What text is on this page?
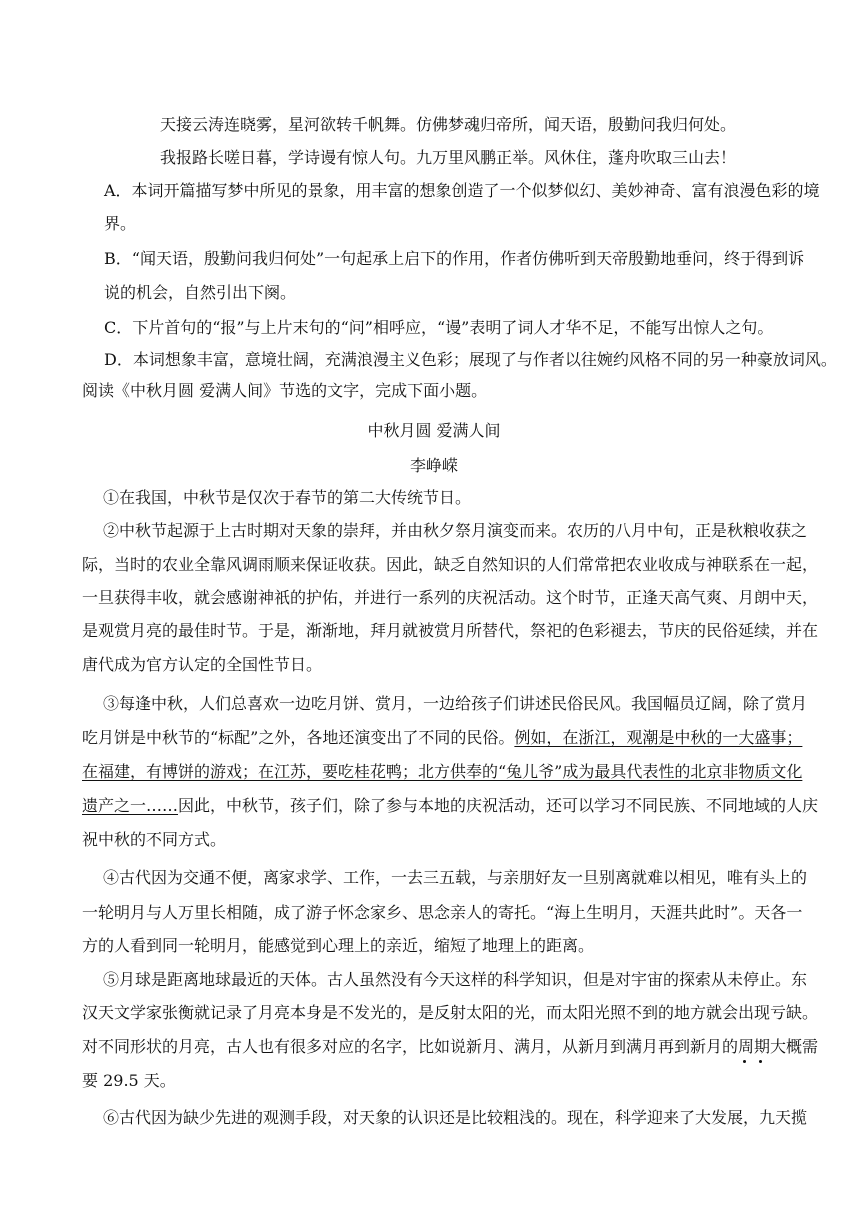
天接云涛连晓雾，星河欲转千帆舞。仿佛梦魂归帝所，闻天语，殷勤问我归何处。
我报路长嗟日暮，学诗谩有惊人句。九万里风鹏正举。风休住，蓬舟吹取三山去！
A．本词开篇描写梦中所见的景象，用丰富的想象创造了一个似梦似幻、美妙神奇、富有浪漫色彩的境
界。
B．“闻天语，殷勤问我归何处”一句起承上启下的作用，作者仿佛听到天帝殷勤地垂问，终于得到诉
说的机会，自然引出下阕。
C．下片首句的“报”与上片末句的“问”相呼应，“谩”表明了词人才华不足，不能写出惊人之句。
D．本词想象丰富，意境壮阔，充满浪漫主义色彩；展现了与作者以往婉约风格不同的另一种豪放词风。
阅读《中秋月圆 爱满人间》节选的文字，完成下面小题。
中秋月圆 爱满人间
李峥嵘
①在我国，中秋节是仅次于春节的第二大传统节日。
②中秋节起源于上古时期对天象的崇拜，并由秋夕祭月演变而来。农历的八月中旬，正是秋粮收获之
际，当时的农业全靠风调雨顺来保证收获。因此，缺乏自然知识的人们常常把农业收成与神联系在一起，
一旦获得丰收，就会感谢神祇的护佑，并进行一系列的庆祝活动。这个时节，正逢天高气爽、月朗中天，
是观赏月亮的最佳时节。于是，渐渐地，拜月就被赏月所替代，祭祀的色彩褪去，节庆的民俗延续，并在
唐代成为官方认定的全国性节日。
③每逢中秋，人们总喜欢一边吃月饼、赏月，一边给孩子们讲述民俗民风。我国幅员辽阔，除了赏月
吃月饼是中秋节的“标配”之外，各地还演变出了不同的民俗。例如，在浙江，观潮是中秋的一大盛事；
在福建，有博饼的游戏；在江苏，要吃桂花鸭；北方供奉的“兔儿爷”成为最具代表性的北京非物质文化
遗产之一……因此，中秋节，孩子们，除了参与本地的庆祝活动，还可以学习不同民族、不同地域的人庆
祝中秋的不同方式。
④古代因为交通不便，离家求学、工作，一去三五载，与亲朋好友一旦别离就难以相见，唯有头上的
一轮明月与人万里长相随，成了游子怀念家乡、思念亲人的寄托。“海上生明月，天涯共此时”。天各一
方的人看到同一轮明月，能感觉到心理上的亲近，缩短了地理上的距离。
⑤月球是距离地球最近的天体。古人虽然没有今天这样的科学知识，但是对宇宙的探索从未停止。东
汉天文学家张衡就记录了月亮本身是不发光的，是反射太阳的光，而太阳光照不到的地方就会出现亏缺。
对不同形状的月亮，古人也有很多对应的名字，比如说新月、满月，从新月到满月再到新月的周期大概需
要 29.5 天。
⑥古代因为缺少先进的观测手段，对天象的认识还是比较粗浅的。现在，科学迎来了大发展，九天揽
